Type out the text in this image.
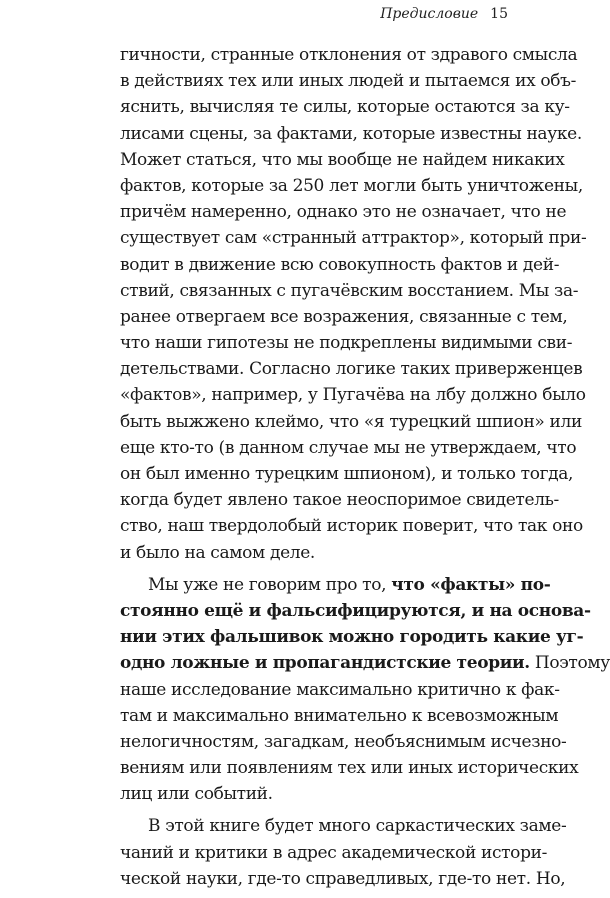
Предисловие 15
гичности, странные отклонения от здравого смысла
в действиях тех или иных людей и пытаемся их объ-
яснить, вычисляя те силы, которые остаются за ку-
лисами сцены, за фактами, которые известны науке.
Может статься, что мы вообще не найдем никаких
фактов, которые за 250 лет могли быть уничтожены,
причём намеренно, однако это не означает, что не
существует сам «странный аттрактор», который при-
водит в движение всю совокупность фактов и дей-
ствий, связанных с пугачёвским восстанием. Мы за-
ранее отвергаем все возражения, связанные с тем,
что наши гипотезы не подкреплены видимыми сви-
детельствами. Согласно логике таких приверженцев
«фактов», например, у Пугачёва на лбу должно было
быть выжжено клеймо, что «я турецкий шпион» или
еще кто-то (в данном случае мы не утверждаем, что
он был именно турецким шпионом), и только тогда,
когда будет явлено такое неоспоримое свидетель-
ство, наш твердолобый историк поверит, что так оно
и было на самом деле.
Мы уже не говорим про то, что «факты» по-
стоянно ещё и фальсифицируются, и на основа-
нии этих фальшивок можно городить какие уг-
одно ложные и пропагандистские теории. Поэтому
наше исследование максимально критично к фак-
там и максимально внимательно к всевозможным
нелогичностям, загадкам, необъяснимым исчезно-
вениям или появлениям тех или иных исторических
лиц или событий.
В этой книге будет много саркастических заме-
чаний и критики в адрес академической истори-
ческой науки, где-то справедливых, где-то нет. Но,
